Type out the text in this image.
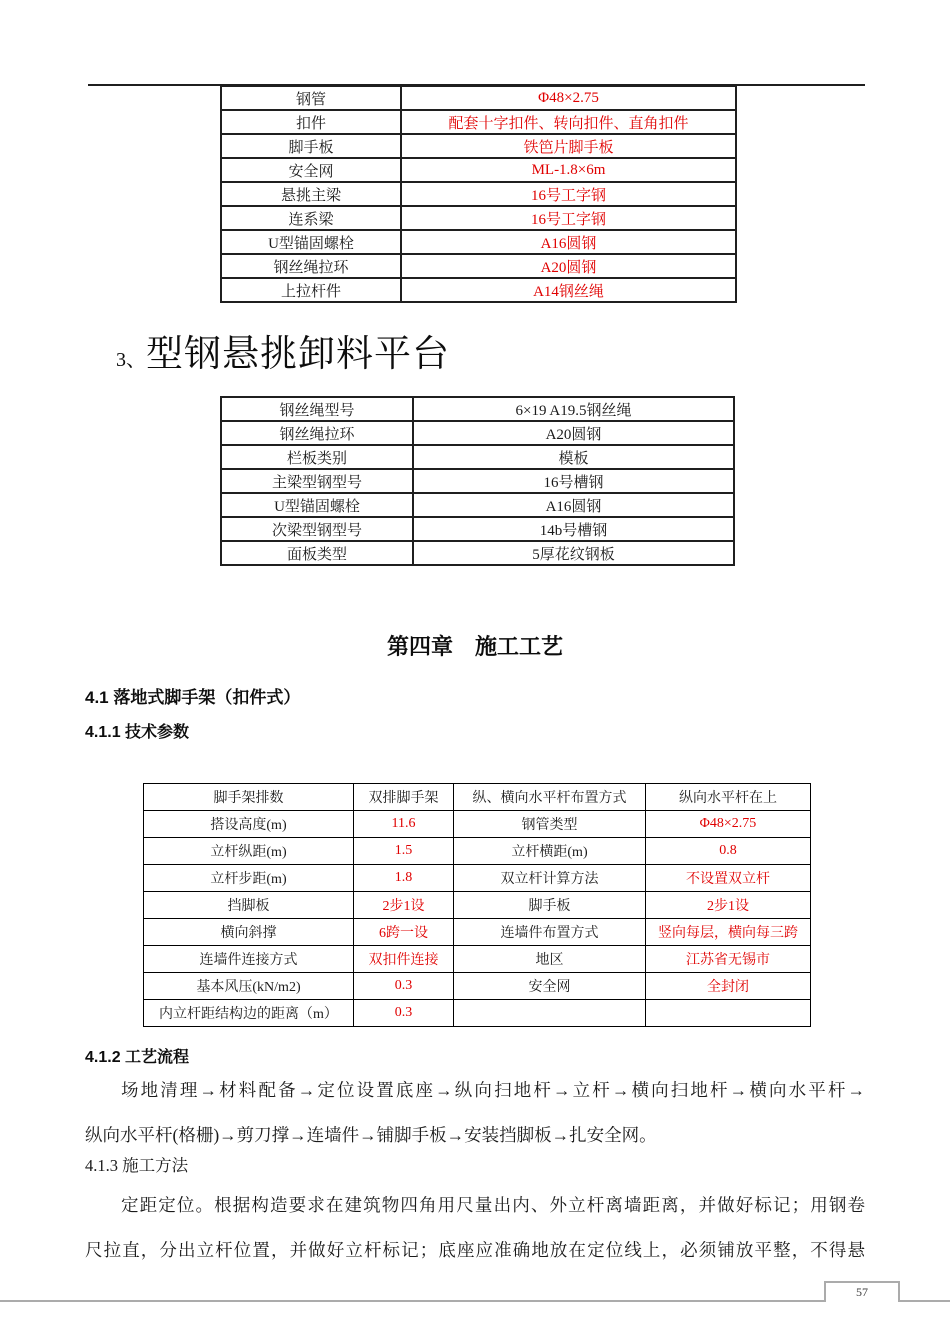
钢管	Φ48×2.75
扣件	配套十字扣件、转向扣件、直角扣件
脚手板	铁笆片脚手板
安全网	ML-1.8×6m
悬挑主梁	16号工字钢
连系梁	16号工字钢
U型锚固螺栓	A16圆钢
钢丝绳拉环	A20圆钢
上拉杆件	A14钢丝绳
3、型钢悬挑卸料平台
钢丝绳型号	6×19 A19.5钢丝绳
钢丝绳拉环	A20圆钢
栏板类别	模板
主梁型钢型号	16号槽钢
U型锚固螺栓	A16圆钢
次梁型钢型号	14b号槽钢
面板类型	5厚花纹钢板
第四章　施工工艺
4.1 落地式脚手架（扣件式）
4.1.1 技术参数
脚手架排数	双排脚手架	纵、横向水平杆布置方式	纵向水平杆在上
搭设高度(m)	11.6	钢管类型	Φ48×2.75
立杆纵距(m)	1.5	立杆横距(m)	0.8
立杆步距(m)	1.8	双立杆计算方法	不设置双立杆
挡脚板	2步1设	脚手板	2步1设
横向斜撑	6跨一设	连墙件布置方式	竖向每层，横向每三跨
连墙件连接方式	双扣件连接	地区	江苏省无锡市
基本风压(kN/m2)	0.3	安全网	全封闭
内立杆距结构边的距离（m）	0.3		
4.1.2 工艺流程
场地清理→材料配备→定位设置底座→纵向扫地杆→立杆→横向扫地杆→横向水平杆→
纵向水平杆(格栅)→剪刀撑→连墙件→铺脚手板→安装挡脚板→扎安全网。
4.1.3 施工方法
定距定位。根据构造要求在建筑物四角用尺量出内、外立杆离墙距离，并做好标记；用钢卷
尺拉直，分出立杆位置，并做好立杆标记；底座应准确地放在定位线上，必须铺放平整，不得悬
57
